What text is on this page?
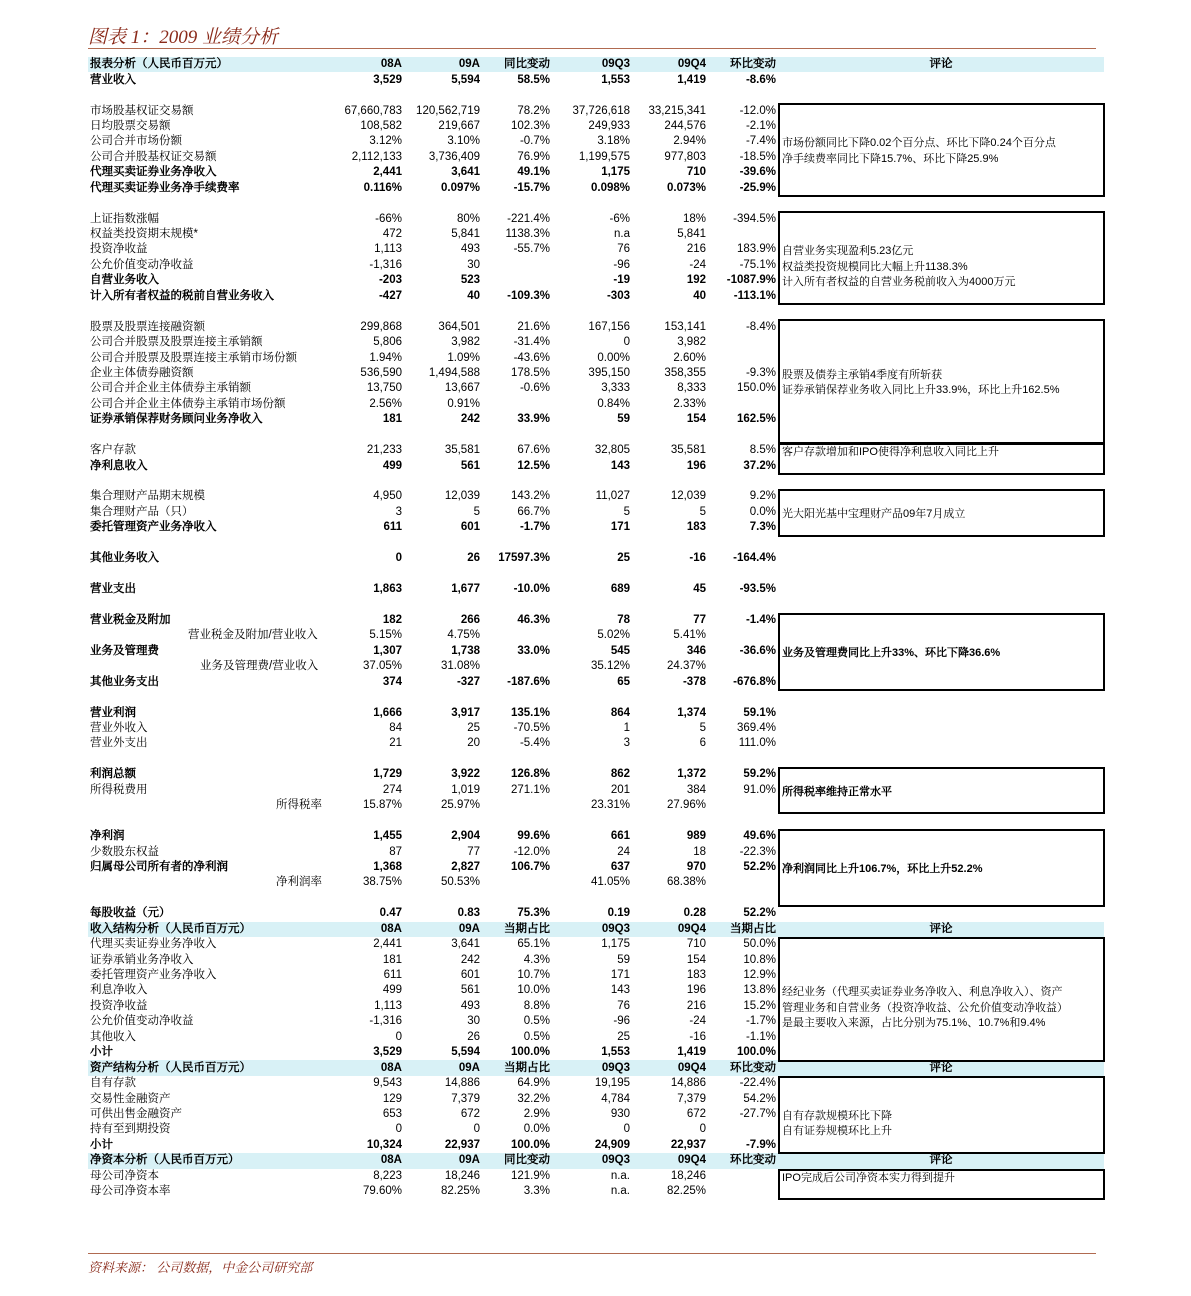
图表 1：2009 业绩分析
报表分析（人民币百万元）	08A	09A	同比变动	09Q3	09Q4	环比变动	评论
营业收入	3,529	5,594	58.5%	1,553	1,419	-8.6%	

市场股基权证交易额	67,660,783	120,562,719	78.2%	37,726,618	33,215,341	-12.0%	市场份额同比下降0.02个百分点、环比下降0.24个百分点
净手续费率同比下降15.7%、环比下降25.9%

日均股票交易额	108,582	219,667	102.3%	249,933	244,576	-2.1%	
公司合并市场份额	3.12%	3.10%	-0.7%	3.18%	2.94%	-7.4%	
公司合并股基权证交易额	2,112,133	3,736,409	76.9%	1,199,575	977,803	-18.5%	
代理买卖证券业务净收入	2,441	3,641	49.1%	1,175	710	-39.6%	
代理买卖证券业务净手续费率	0.116%	0.097%	-15.7%	0.098%	0.073%	-25.9%	

上证指数涨幅	-66%	80%	-221.4%	-6%	18%	-394.5%	自营业务实现盈利5.23亿元
权益类投资规模同比大幅上升1138.3%
计入所有者权益的自营业务税前收入为4000万元

权益类投资期末规模*	472	5,841	1138.3%	n.a	5,841		
投资净收益	1,113	493	-55.7%	76	216	183.9%	
公允价值变动净收益	-1,316	30		-96	-24	-75.1%	
自营业务收入	-203	523		-19	192	-1087.9%	
计入所有者权益的税前自营业务收入	-427	40	-109.3%	-303	40	-113.1%	

股票及股票连接融资额	299,868	364,501	21.6%	167,156	153,141	-8.4%	股票及债券主承销4季度有所斩获
证券承销保荐业务收入同比上升33.9%，环比上升162.5%

公司合并股票及股票连接主承销额	5,806	3,982	-31.4%	0	3,982		
公司合并股票及股票连接主承销市场份额	1.94%	1.09%	-43.6%	0.00%	2.60%		
企业主体债券融资额	536,590	1,494,588	178.5%	395,150	358,355	-9.3%	
公司合并企业主体债券主承销额	13,750	13,667	-0.6%	3,333	8,333	150.0%	
公司合并企业主体债券主承销市场份额	2.56%	0.91%		0.84%	2.33%		
证券承销保荐财务顾问业务净收入	181	242	33.9%	59	154	162.5%	

客户存款	21,233	35,581	67.6%	32,805	35,581	8.5%	客户存款增加和IPO使得净利息收入同比上升

净利息收入	499	561	12.5%	143	196	37.2%	

集合理财产品期末规模	4,950	12,039	143.2%	11,027	12,039	9.2%	光大阳光基中宝理财产品09年7月成立

集合理财产品（只）	3	5	66.7%	5	5	0.0%	
委托管理资产业务净收入	611	601	-1.7%	171	183	7.3%	

其他业务收入	0	26	17597.3%	25	-16	-164.4%	

营业支出	1,863	1,677	-10.0%	689	45	-93.5%	

营业税金及附加	182	266	46.3%	78	77	-1.4%	业务及管理费同比上升33%、环比下降36.6%

营业税金及附加/营业收入	5.15%	4.75%		5.02%	5.41%		
业务及管理费	1,307	1,738	33.0%	545	346	-36.6%	
业务及管理费/营业收入	37.05%	31.08%		35.12%	24.37%		
其他业务支出	374	-327	-187.6%	65	-378	-676.8%	

营业利润	1,666	3,917	135.1%	864	1,374	59.1%	
营业外收入	84	25	-70.5%	1	5	369.4%	
营业外支出	21	20	-5.4%	3	6	111.0%	

利润总额	1,729	3,922	126.8%	862	1,372	59.2%	所得税率维持正常水平

所得税费用	274	1,019	271.1%	201	384	91.0%	
所得税率	15.87%	25.97%		23.31%	27.96%		

净利润	1,455	2,904	99.6%	661	989	49.6%	净利润同比上升106.7%，环比上升52.2%

少数股东权益	87	77	-12.0%	24	18	-22.3%	
归属母公司所有者的净利润	1,368	2,827	106.7%	637	970	52.2%	
净利润率	38.75%	50.53%		41.05%	68.38%		

每股收益（元）	0.47	0.83	75.3%	0.19	0.28	52.2%	
收入结构分析（人民币百万元）	08A	09A	当期占比	09Q3	09Q4	当期占比	评论
代理买卖证券业务净收入	2,441	3,641	65.1%	1,175	710	50.0%	经纪业务（代理买卖证券业务净收入、利息净收入）、资产
管理业务和自营业务（投资净收益、公允价值变动净收益）
是最主要收入来源，占比分别为75.1%、10.7%和9.4%

证券承销业务净收入	181	242	4.3%	59	154	10.8%	
委托管理资产业务净收入	611	601	10.7%	171	183	12.9%	
利息净收入	499	561	10.0%	143	196	13.8%	
投资净收益	1,113	493	8.8%	76	216	15.2%	
公允价值变动净收益	-1,316	30	0.5%	-96	-24	-1.7%	
其他收入	0	26	0.5%	25	-16	-1.1%	
小计	3,529	5,594	100.0%	1,553	1,419	100.0%	
资产结构分析（人民币百万元）	08A	09A	当期占比	09Q3	09Q4	环比变动	评论
自有存款	9,543	14,886	64.9%	19,195	14,886	-22.4%	自有存款规模环比下降
自有证券规模环比上升

交易性金融资产	129	7,379	32.2%	4,784	7,379	54.2%	
可供出售金融资产	653	672	2.9%	930	672	-27.7%	
持有至到期投资	0	0	0.0%	0	0		
小计	10,324	22,937	100.0%	24,909	22,937	-7.9%	
净资本分析（人民币百万元）	08A	09A	同比变动	09Q3	09Q4	环比变动	评论
母公司净资本	8,223	18,246	121.9%	n.a.	18,246		IPO完成后公司净资本实力得到提升

母公司净资本率	79.60%	82.25%	3.3%	n.a.	82.25%		
资料来源： 公司数据，中金公司研究部
